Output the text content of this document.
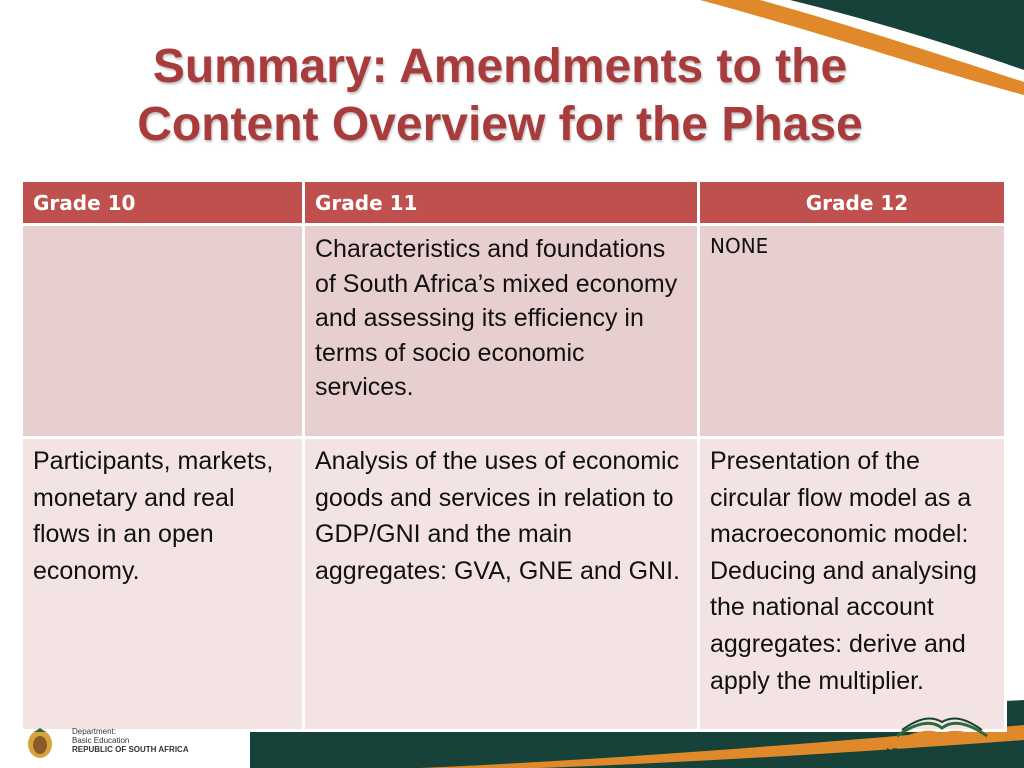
Summary: Amendments to the
Content Overview for the Phase
Grade 10	Grade 11	Grade 12

	Characteristics and foundations of South Africa’s mixed economy and assessing its efficiency in terms of socio economic services.	NONE

Participants, markets, monetary and real flows in an open economy.	Analysis of the uses of economic goods and services in relation to GDP/GNI and the main aggregates: GVA, GNE and GNI.	Presentation of the circular flow model as a macroeconomic model: Deducing and analysing the national account aggregates: derive and apply the multiplier.
Department:
Basic Education
REPUBLIC OF SOUTH AFRICA	A Reading Nation is a Leading Nation
